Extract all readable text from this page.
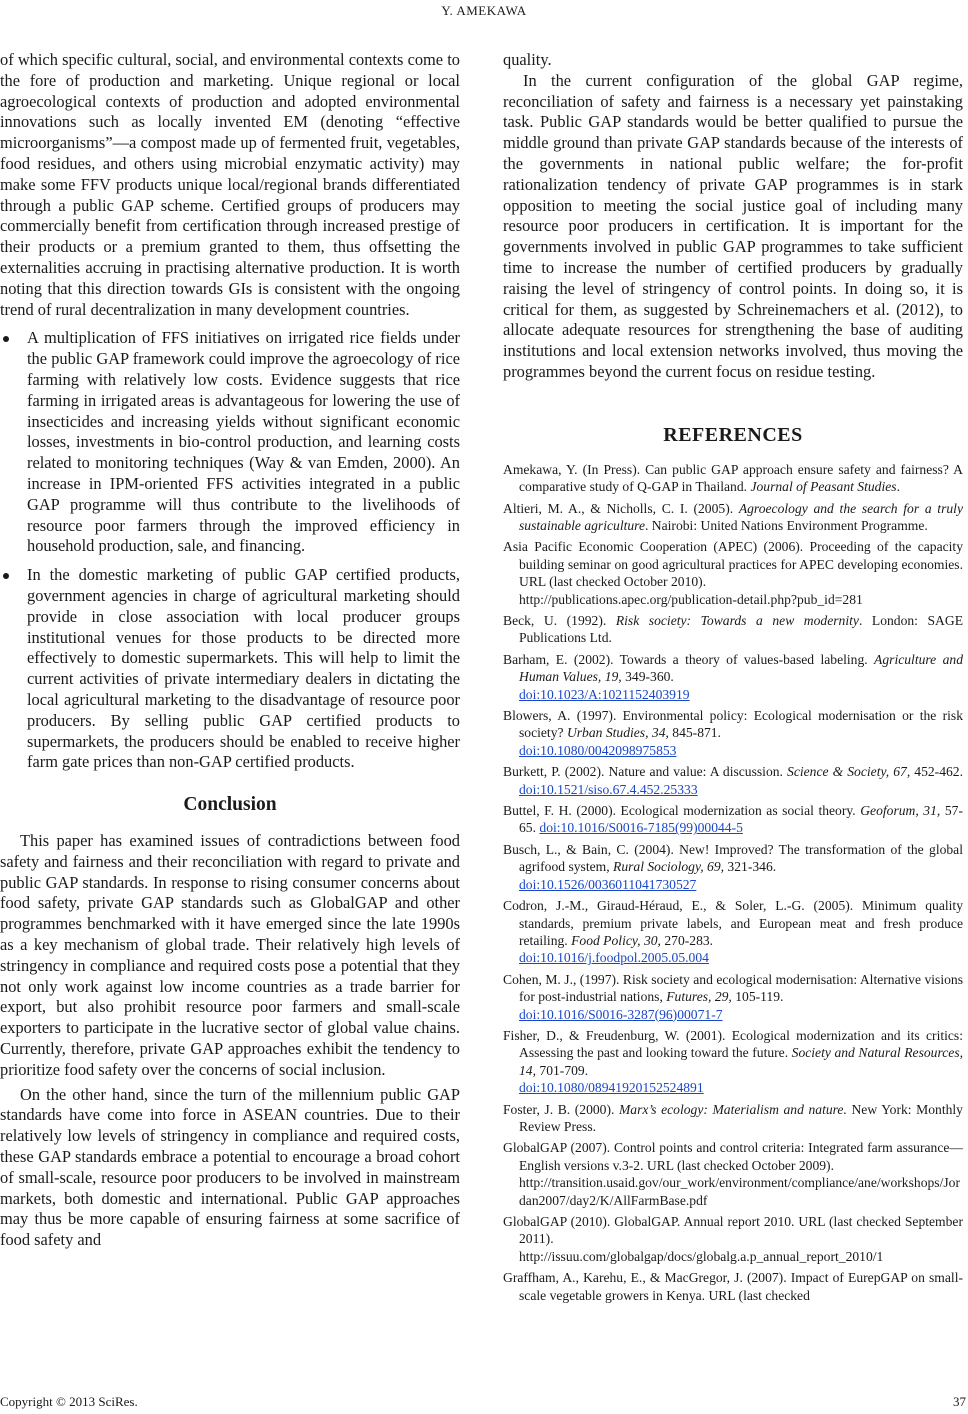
Y. AMEKAWA

of which specific cultural, social, and environmental contexts come to the fore of production and marketing. Unique regional or local agroecological contexts of production and adopted environmental innovations such as locally invented EM (denoting “effective microorganisms”—a compost made up of fermented fruit, vegetables, food residues, and others using microbial enzymatic activity) may make some FFV products unique local/regional brands differentiated through a public GAP scheme. Certified groups of producers may commercially benefit from certification through increased prestige of their products or a premium granted to them, thus offsetting the externalities accruing in practising alternative production. It is worth noting that this direction towards GIs is consistent with the ongoing trend of rural decentralization in many development countries.

A multiplication of FFS initiatives on irrigated rice fields under the public GAP framework could improve the agroecology of rice farming with relatively low costs. Evidence suggests that rice farming in irrigated areas is advantageous for lowering the use of insecticides and increasing yields without significant economic losses, investments in bio-control production, and learning costs related to monitoring techniques (Way & van Emden, 2000). An increase in IPM-oriented FFS activities integrated in a public GAP programme will thus contribute to the livelihoods of resource poor farmers through the improved efficiency in household production, sale, and financing.
In the domestic marketing of public GAP certified products, government agencies in charge of agricultural marketing should provide in close association with local producer groups institutional venues for those products to be directed more effectively to domestic supermarkets. This will help to limit the current activities of private intermediary dealers in dictating the local agricultural marketing to the disadvantage of resource poor producers. By selling public GAP certified products to supermarkets, the producers should be enabled to receive higher farm gate prices than non-GAP certified products.
Conclusion

This paper has examined issues of contradictions between food safety and fairness and their reconciliation with regard to private and public GAP standards. In response to rising consumer concerns about food safety, private GAP standards such as GlobalGAP and other programmes benchmarked with it have emerged since the late 1990s as a key mechanism of global trade. Their relatively high levels of stringency in compliance and required costs pose a potential that they not only work against low income countries as a trade barrier for export, but also prohibit resource poor farmers and small-scale exporters to participate in the lucrative sector of global value chains. Currently, therefore, private GAP approaches exhibit the tendency to prioritize food safety over the concerns of social inclusion.

On the other hand, since the turn of the millennium public GAP standards have come into force in ASEAN countries. Due to their relatively low levels of stringency in compliance and required costs, these GAP standards embrace a potential to encourage a broad cohort of small-scale, resource poor producers to be involved in mainstream markets, both domestic and international. Public GAP approaches may thus be more capable of ensuring fairness at some sacrifice of food safety and

quality.

In the current configuration of the global GAP regime, reconciliation of safety and fairness is a necessary yet painstaking task. Public GAP standards would be better qualified to pursue the middle ground than private GAP standards because of the interests of the governments in national public welfare; the for-profit rationalization tendency of private GAP programmes is in stark opposition to meeting the social justice goal of including many resource poor producers in certification. It is important for the governments involved in public GAP programmes to take sufficient time to increase the number of certified producers by gradually raising the level of stringency of control points. In doing so, it is critical for them, as suggested by Schreinemachers et al. (2012), to allocate adequate resources for strengthening the base of auditing institutions and local extension networks involved, thus moving the programmes beyond the current focus on residue testing.

REFERENCES
Amekawa, Y. (In Press). Can public GAP approach ensure safety and fairness? A comparative study of Q-GAP in Thailand. Journal of Peasant Studies.
Altieri, M. A., & Nicholls, C. I. (2005). Agroecology and the search for a truly sustainable agriculture. Nairobi: United Nations Environment Programme.
Asia Pacific Economic Cooperation (APEC) (2006). Proceeding of the capacity building seminar on good agricultural practices for APEC developing economies. URL (last checked October 2010).
http://publications.apec.org/publication-detail.php?pub_id=281
Beck, U. (1992). Risk society: Towards a new modernity. London: SAGE Publications Ltd.
Barham, E. (2002). Towards a theory of values-based labeling. Agriculture and Human Values, 19, 349-360.
doi:10.1023/A:1021152403919
Blowers, A. (1997). Environmental policy: Ecological modernisation or the risk society? Urban Studies, 34, 845-871.
doi:10.1080/0042098975853
Burkett, P. (2002). Nature and value: A discussion. Science & Society, 67, 452-462. doi:10.1521/siso.67.4.452.25333
Buttel, F. H. (2000). Ecological modernization as social theory. Geoforum, 31, 57-65. doi:10.1016/S0016-7185(99)00044-5
Busch, L., & Bain, C. (2004). New! Improved? The transformation of the global agrifood system, Rural Sociology, 69, 321-346.
doi:10.1526/0036011041730527
Codron, J.-M., Giraud-Héraud, E., & Soler, L.-G. (2005). Minimum quality standards, premium private labels, and European meat and fresh produce retailing. Food Policy, 30, 270-283.
doi:10.1016/j.foodpol.2005.05.004
Cohen, M. J., (1997). Risk society and ecological modernisation: Alternative visions for post-industrial nations, Futures, 29, 105-119.
doi:10.1016/S0016-3287(96)00071-7
Fisher, D., & Freudenburg, W. (2001). Ecological modernization and its critics: Assessing the past and looking toward the future. Society and Natural Resources, 14, 701-709.
doi:10.1080/08941920152524891
Foster, J. B. (2000). Marx’s ecology: Materialism and nature. New York: Monthly Review Press.
GlobalGAP (2007). Control points and control criteria: Integrated farm assurance—English versions v.3-2. URL (last checked October 2009).
http://transition.usaid.gov/our_work/environment/compliance/ane/workshops/Jordan2007/day2/K/AllFarmBase.pdf
GlobalGAP (2010). GlobalGAP. Annual report 2010. URL (last checked September 2011).
http://issuu.com/globalgap/docs/globalg.a.p_annual_report_2010/1
Graffham, A., Karehu, E., & MacGregor, J. (2007). Impact of EurepGAP on small-scale vegetable growers in Kenya. URL (last checked
Copyright © 2013 SciRes.	37
